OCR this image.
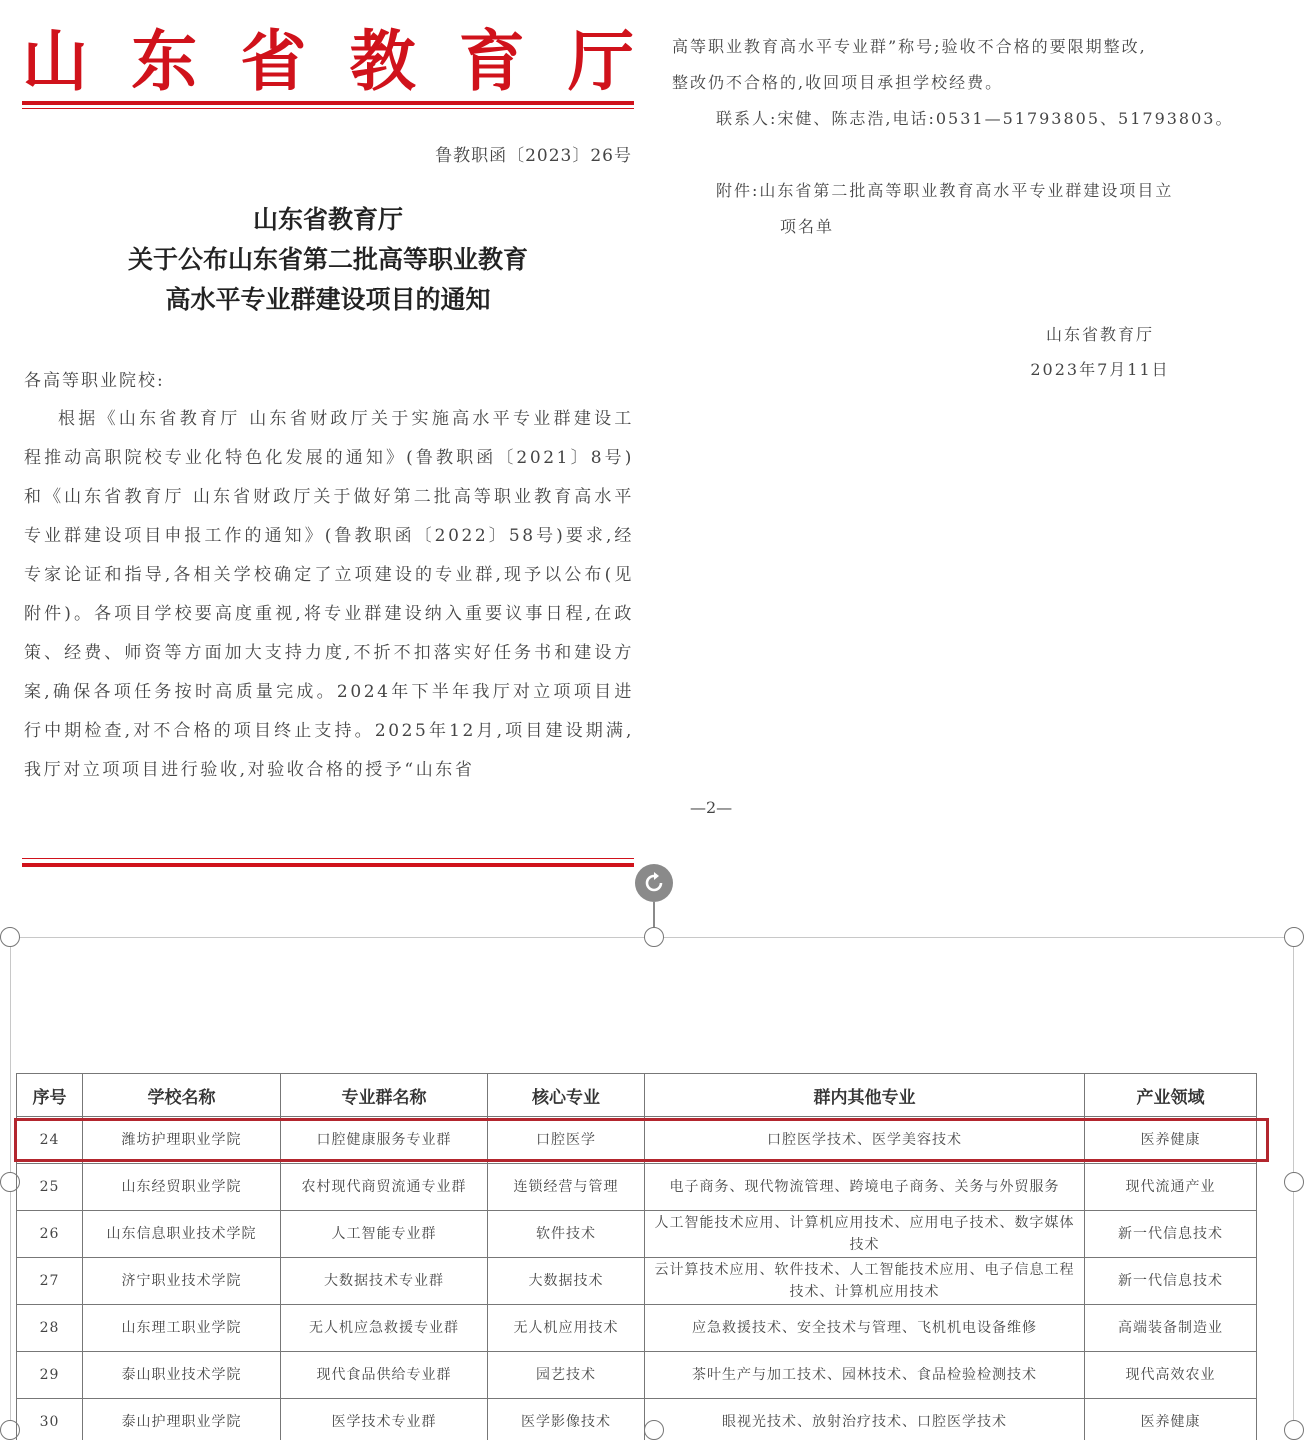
山 东 省 教 育 厅
鲁教职函〔2023〕26号
山东省教育厅
关于公布山东省第二批高等职业教育
高水平专业群建设项目的通知
各高等职业院校:
根据《山东省教育厅 山东省财政厅关于实施高水平专业群建设工程推动高职院校专业化特色化发展的通知》(鲁教职函〔2021〕8号)和《山东省教育厅 山东省财政厅关于做好第二批高等职业教育高水平专业群建设项目申报工作的通知》(鲁教职函〔2022〕58号)要求,经专家论证和指导,各相关学校确定了立项建设的专业群,现予以公布(见附件)。各项目学校要高度重视,将专业群建设纳入重要议事日程,在政策、经费、师资等方面加大支持力度,不折不扣落实好任务书和建设方案,确保各项任务按时高质量完成。2024年下半年我厅对立项项目进行中期检查,对不合格的项目终止支持。2025年12月,项目建设期满,我厅对立项项目进行验收,对验收合格的授予“山东省
高等职业教育高水平专业群”称号;验收不合格的要限期整改,
整改仍不合格的,收回项目承担学校经费。
联系人:宋健、陈志浩,电话:0531—51793805、51793803。
附件:山东省第二批高等职业教育高水平专业群建设项目立
项名单
山东省教育厅
2023年7月11日
—2—
序号	学校名称	专业群名称	核心专业	群内其他专业	产业领域
24	潍坊护理职业学院	口腔健康服务专业群	口腔医学	口腔医学技术、医学美容技术	医养健康
25	山东经贸职业学院	农村现代商贸流通专业群	连锁经营与管理	电子商务、现代物流管理、跨境电子商务、关务与外贸服务	现代流通产业
26	山东信息职业技术学院	人工智能专业群	软件技术	人工智能技术应用、计算机应用技术、应用电子技术、数字媒体技术	新一代信息技术
27	济宁职业技术学院	大数据技术专业群	大数据技术	云计算技术应用、软件技术、人工智能技术应用、电子信息工程技术、计算机应用技术	新一代信息技术
28	山东理工职业学院	无人机应急救援专业群	无人机应用技术	应急救援技术、安全技术与管理、飞机机电设备维修	高端装备制造业
29	泰山职业技术学院	现代食品供给专业群	园艺技术	茶叶生产与加工技术、园林技术、食品检验检测技术	现代高效农业
30	泰山护理职业学院	医学技术专业群	医学影像技术	眼视光技术、放射治疗技术、口腔医学技术	医养健康
